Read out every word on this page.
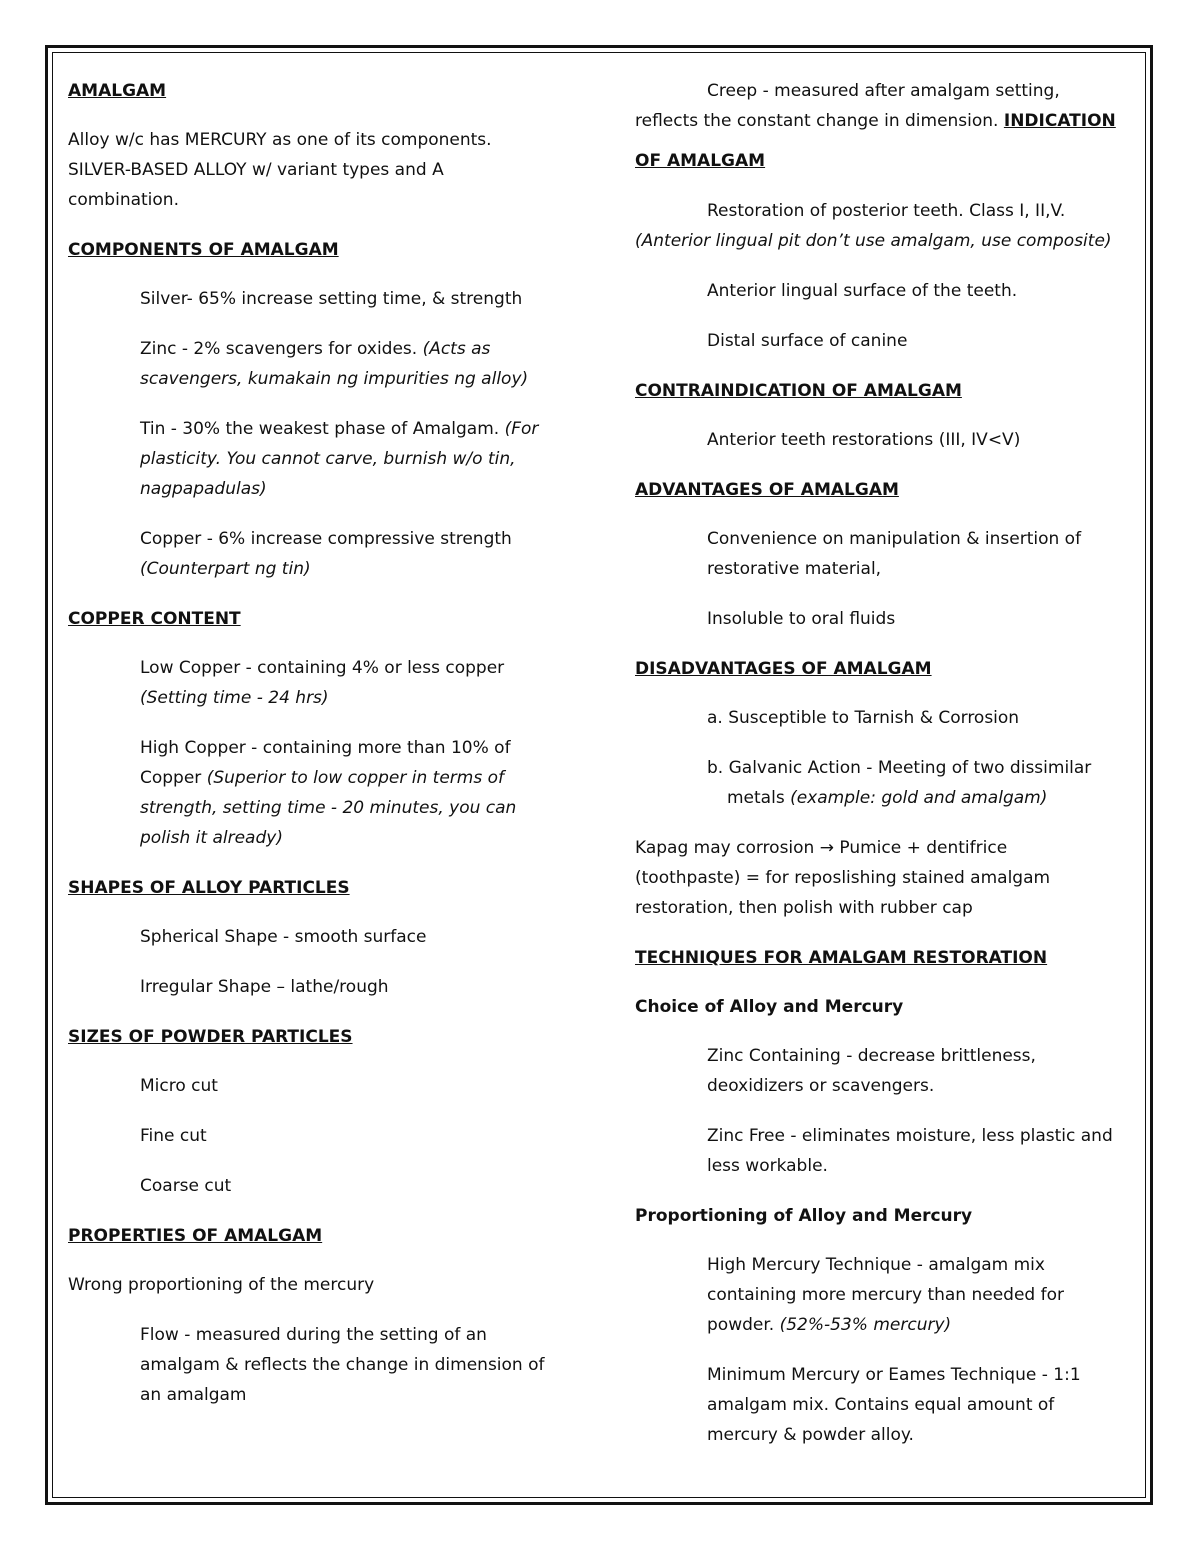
AMALGAM

Alloy w/c has MERCURY as one of its components.
SILVER-BASED ALLOY w/ variant types and A
combination.

COMPONENTS OF AMALGAM

Silver- 65% increase setting time, & strength

Zinc - 2% scavengers for oxides. (Acts as
scavengers, kumakain ng impurities ng alloy)

Tin - 30% the weakest phase of Amalgam. (For
plasticity. You cannot carve, burnish w/o tin,
nagpapadulas)

Copper - 6% increase compressive strength
(Counterpart ng tin)

COPPER CONTENT

Low Copper - containing 4% or less copper
(Setting time - 24 hrs)

High Copper - containing more than 10% of
Copper (Superior to low copper in terms of
strength, setting time - 20 minutes, you can
polish it already)

SHAPES OF ALLOY PARTICLES

Spherical Shape - smooth surface

Irregular Shape – lathe/rough

SIZES OF POWDER PARTICLES

Micro cut

Fine cut

Coarse cut

PROPERTIES OF AMALGAM

Wrong proportioning of the mercury

Flow - measured during the setting of an
amalgam & reflects the change in dimension of
an amalgam

Creep - measured after amalgam setting,
reflects the constant change in dimension. INDICATION
OF AMALGAM

Restoration of posterior teeth. Class I, II,V.
(Anterior lingual pit don’t use amalgam, use composite)

Anterior lingual surface of the teeth.

Distal surface of canine

CONTRAINDICATION OF AMALGAM

Anterior teeth restorations (III, IV<V)

ADVANTAGES OF AMALGAM

Convenience on manipulation & insertion of
restorative material,

Insoluble to oral fluids

DISADVANTAGES OF AMALGAM

a. Susceptible to Tarnish & Corrosion

b. Galvanic Action - Meeting of two dissimilar
metals (example: gold and amalgam)

Kapag may corrosion → Pumice + dentifrice
(toothpaste) = for reposlishing stained amalgam
restoration, then polish with rubber cap

TECHNIQUES FOR AMALGAM RESTORATION

Choice of Alloy and Mercury

Zinc Containing - decrease brittleness,
deoxidizers or scavengers.

Zinc Free - eliminates moisture, less plastic and
less workable.

Proportioning of Alloy and Mercury

High Mercury Technique - amalgam mix
containing more mercury than needed for
powder. (52%-53% mercury)

Minimum Mercury or Eames Technique - 1:1
amalgam mix. Contains equal amount of
mercury & powder alloy.
